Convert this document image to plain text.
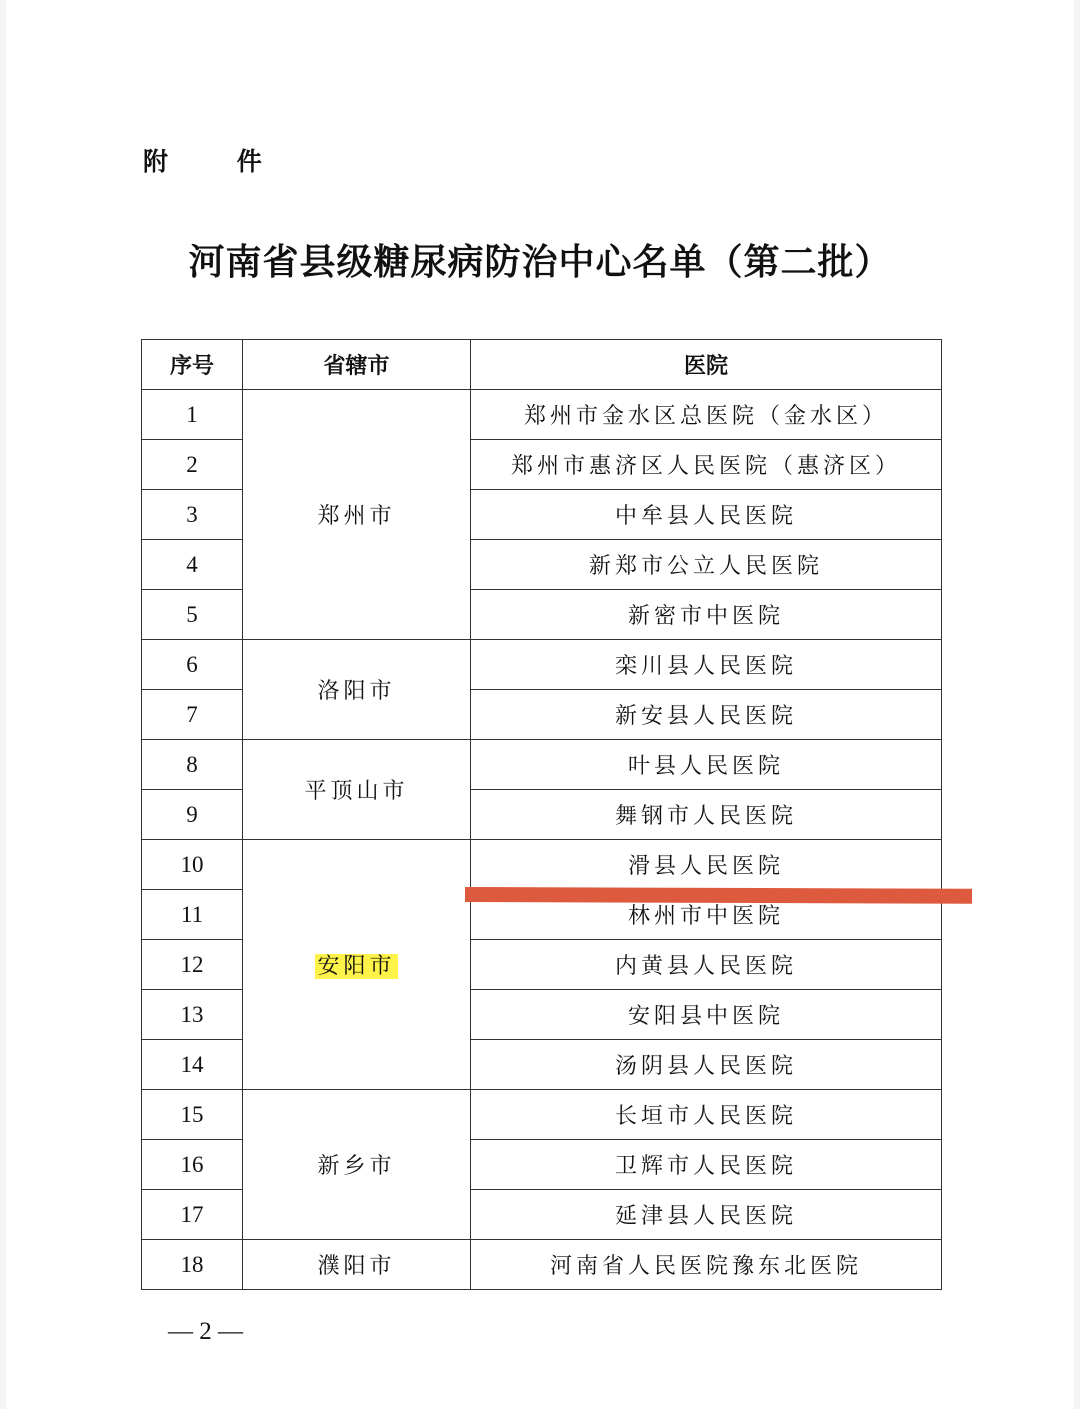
附 件
河南省县级糖尿病防治中心名单（第二批）
序号	省辖市	医院
1	郑州市	郑州市金水区总医院（金水区）
2		郑州市惠济区人民医院（惠济区）
3		中牟县人民医院
4		新郑市公立人民医院
5		新密市中医院
6	洛阳市	栾川县人民医院
7		新安县人民医院
8	平顶山市	叶县人民医院
9		舞钢市人民医院
10	安阳市	滑县人民医院
11		林州市中医院
12		内黄县人民医院
13		安阳县中医院
14		汤阴县人民医院
15	新乡市	长垣市人民医院
16		卫辉市人民医院
17		延津县人民医院
18	濮阳市	河南省人民医院豫东北医院
— 2 —
